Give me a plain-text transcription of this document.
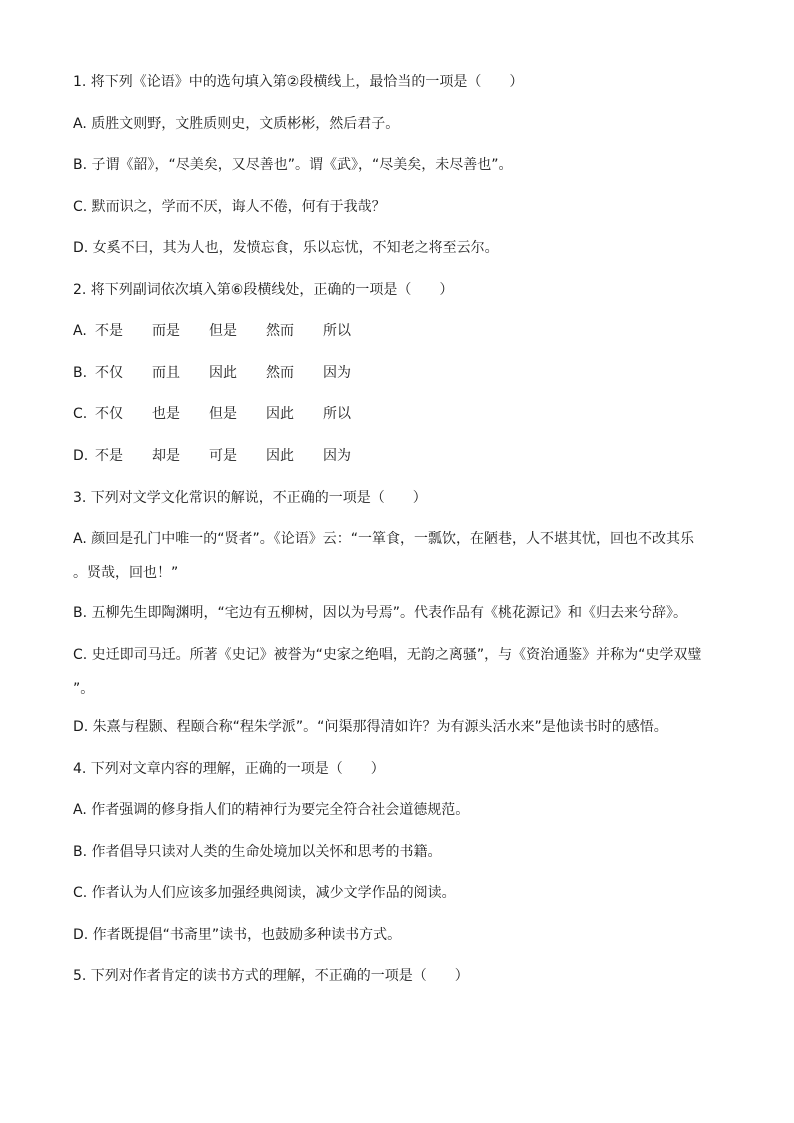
1. 将下列《论语》中的选句填入第②段横线上，最恰当的一项是（　　）
A. 质胜文则野，文胜质则史，文质彬彬，然后君子。
B. 子谓《韶》，“尽美矣，又尽善也”。谓《武》，“尽美矣，未尽善也”。
C. 默而识之，学而不厌，诲人不倦，何有于我哉？
D. 女奚不曰，其为人也，发愤忘食，乐以忘忧，不知老之将至云尔。
2. 将下列副词依次填入第⑥段横线处，正确的一项是（　　）
A. 不是 而是 但是 然而 所以
B. 不仅 而且 因此 然而 因为
C. 不仅 也是 但是 因此 所以
D. 不是 却是 可是 因此 因为
3. 下列对文学文化常识的解说，不正确的一项是（　　）
A. 颜回是孔门中唯一的“贤者”。《论语》云：“一箪食，一瓢饮，在陋巷，人不堪其忧，回也不改其乐
。贤哉，回也！”
B. 五柳先生即陶渊明，“宅边有五柳树，因以为号焉”。代表作品有《桃花源记》和《归去来兮辞》。
C. 史迁即司马迁。所著《史记》被誉为“史家之绝唱，无韵之离骚”，与《资治通鉴》并称为“史学双璧
”。
D. 朱熹与程颢、程颐合称“程朱学派”。“问渠那得清如许？为有源头活水来”是他读书时的感悟。
4. 下列对文章内容的理解，正确的一项是（　　）
A. 作者强调的修身指人们的精神行为要完全符合社会道德规范。
B. 作者倡导只读对人类的生命处境加以关怀和思考的书籍。
C. 作者认为人们应该多加强经典阅读，减少文学作品的阅读。
D. 作者既提倡“书斋里”读书，也鼓励多种读书方式。
5. 下列对作者肯定的读书方式的理解，不正确的一项是（　　）
